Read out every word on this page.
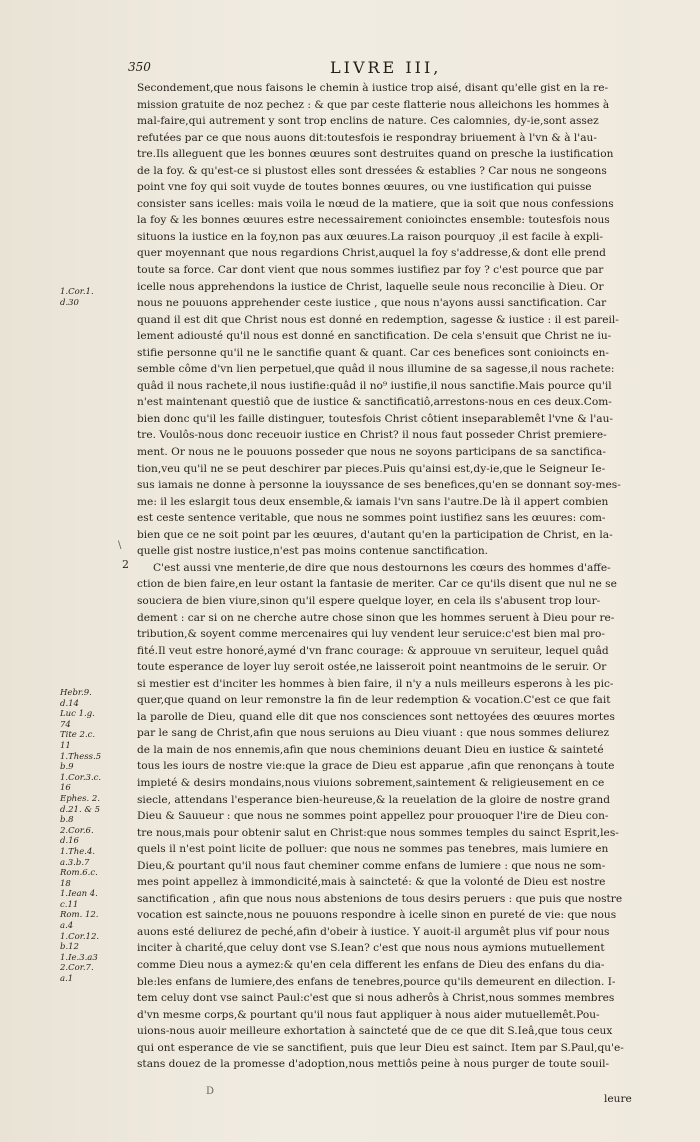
350	LIVRE III,
1.Cor.1.
d.30
Hebr.9.
d.14
Luc 1.g.
74
Tite 2.c.
11
1.Thess.5
b.9
1.Cor.3.c.
16
Ephes. 2.
d.21. & 5
b.8
2.Cor.6.
d.16
1.The.4.
a.3.b.7
Rom.6.c.
18
1.Iean 4.
c.11
Rom. 12.
a.4
1.Cor.12.
b.12
1.Ie.3.a3
2.Cor.7.
a.1
\
2

Secondement,que nous faisons le chemin à iustice trop aisé, disant qu'elle gist en la re-
mission gratuite de noz pechez : & que par ceste flatterie nous alleichons les hommes à
mal-faire,qui autrement y sont trop enclins de nature. Ces calomnies, dy-ie,sont assez
refutées par ce que nous auons dit:toutesfois ie respondray briuement à l'vn & à l'au-
tre.Ils alleguent que les bonnes œuures sont destruites quand on presche la iustification
de la foy. & qu'est-ce si plustost elles sont dressées & establies ? Car nous ne songeons
point vne foy qui soit vuyde de toutes bonnes œuures, ou vne iustification qui puisse
consister sans icelles: mais voila le nœud de la matiere, que ia soit que nous confessions
la foy & les bonnes œuures estre necessairement conioinctes ensemble: toutesfois nous
situons la iustice en la foy,non pas aux œuures.La raison pourquoy ,il est facile à expli-
quer moyennant que nous regardions Christ,auquel la foy s'addresse,& dont elle prend
toute sa force. Car dont vient que nous sommes iustifiez par foy ? c'est pource que par
icelle nous apprehendons la iustice de Christ, laquelle seule nous reconcilie à Dieu. Or
nous ne pouuons apprehender ceste iustice , que nous n'ayons aussi sanctification. Car
quand il est dit que Christ nous est donné en redemption, sagesse & iustice : il est pareil-
lement adiousté qu'il nous est donné en sanctification. De cela s'ensuit que Christ ne iu-
stifie personne qu'il ne le sanctifie quant & quant. Car ces benefices sont conioincts en-
semble côme d'vn lien perpetuel,que quâd il nous illumine de sa sagesse,il nous rachete:
quâd il nous rachete,il nous iustifie:quâd il no⁹ iustifie,il nous sanctifie.Mais pource qu'il
n'est maintenant questiô que de iustice & sanctificatiô,arrestons-nous en ces deux.Com-
bien donc qu'il les faille distinguer, toutesfois Christ côtient inseparablemêt l'vne & l'au-
tre. Voulôs-nous donc receuoir iustice en Christ? il nous faut posseder Christ premiere-
ment. Or nous ne le pouuons posseder que nous ne soyons participans de sa sanctifica-
tion,veu qu'il ne se peut deschirer par pieces.Puis qu'ainsi est,dy-ie,que le Seigneur Ie-
sus iamais ne donne à personne la iouyssance de ses benefices,qu'en se donnant soy-mes-
me: il les eslargit tous deux ensemble,& iamais l'vn sans l'autre.De là il appert combien
est ceste sentence veritable, que nous ne sommes point iustifiez sans les œuures: com-
bien que ce ne soit point par les œuures, d'autant qu'en la participation de Christ, en la-
quelle gist nostre iustice,n'est pas moins contenue sanctification.

C'est aussi vne menterie,de dire que nous destournons les cœurs des hommes d'affe-
ction de bien faire,en leur ostant la fantasie de meriter. Car ce qu'ils disent que nul ne se
souciera de bien viure,sinon qu'il espere quelque loyer, en cela ils s'abusent trop lour-
dement : car si on ne cherche autre chose sinon que les hommes seruent à Dieu pour re-
tribution,& soyent comme mercenaires qui luy vendent leur seruice:c'est bien mal pro-
fité.Il veut estre honoré,aymé d'vn franc courage: & approuue vn seruiteur, lequel quâd
toute esperance de loyer luy seroit ostée,ne laisseroit point neantmoins de le seruir. Or
si mestier est d'inciter les hommes à bien faire, il n'y a nuls meilleurs esperons à les pic-
quer,que quand on leur remonstre la fin de leur redemption & vocation.C'est ce que fait
la parolle de Dieu, quand elle dit que nos consciences sont nettoyées des œuures mortes
par le sang de Christ,afin que nous seruions au Dieu viuant : que nous sommes deliurez
de la main de nos ennemis,afin que nous cheminions deuant Dieu en iustice & sainteté
tous les iours de nostre vie:que la grace de Dieu est apparue ,afin que renonçans à toute
impieté & desirs mondains,nous viuions sobrement,saintement & religieusement en ce
siecle, attendans l'esperance bien-heureuse,& la reuelation de la gloire de nostre grand
Dieu & Sauueur : que nous ne sommes point appellez pour prouoquer l'ire de Dieu con-
tre nous,mais pour obtenir salut en Christ:que nous sommes temples du sainct Esprit,les-
quels il n'est point licite de polluer: que nous ne sommes pas tenebres, mais lumiere en
Dieu,& pourtant qu'il nous faut cheminer comme enfans de lumiere : que nous ne som-
mes point appellez à immondicité,mais à saincteté: & que la volonté de Dieu est nostre
sanctification , afin que nous nous abstenions de tous desirs peruers : que puis que nostre
vocation est saincte,nous ne pouuons respondre à icelle sinon en pureté de vie: que nous
auons esté deliurez de peché,afin d'obeir à iustice. Y auoit-il argumêt plus vif pour nous
inciter à charité,que celuy dont vse S.Iean? c'est que nous nous aymions mutuellement
comme Dieu nous a aymez:& qu'en cela different les enfans de Dieu des enfans du dia-
ble:les enfans de lumiere,des enfans de tenebres,pource qu'ils demeurent en dilection. I-
tem celuy dont vse sainct Paul:c'est que si nous adherôs à Christ,nous sommes membres
d'vn mesme corps,& pourtant qu'il nous faut appliquer à nous aider mutuellemêt.Pou-
uions-nous auoir meilleure exhortation à saincteté que de ce que dit S.Ieâ,que tous ceux
qui ont esperance de vie se sanctifient, puis que leur Dieu est sainct. Item par S.Paul,qu'e-
stans douez de la promesse d'adoption,nous mettiôs peine à nous purger de toute souil-

D
leure
